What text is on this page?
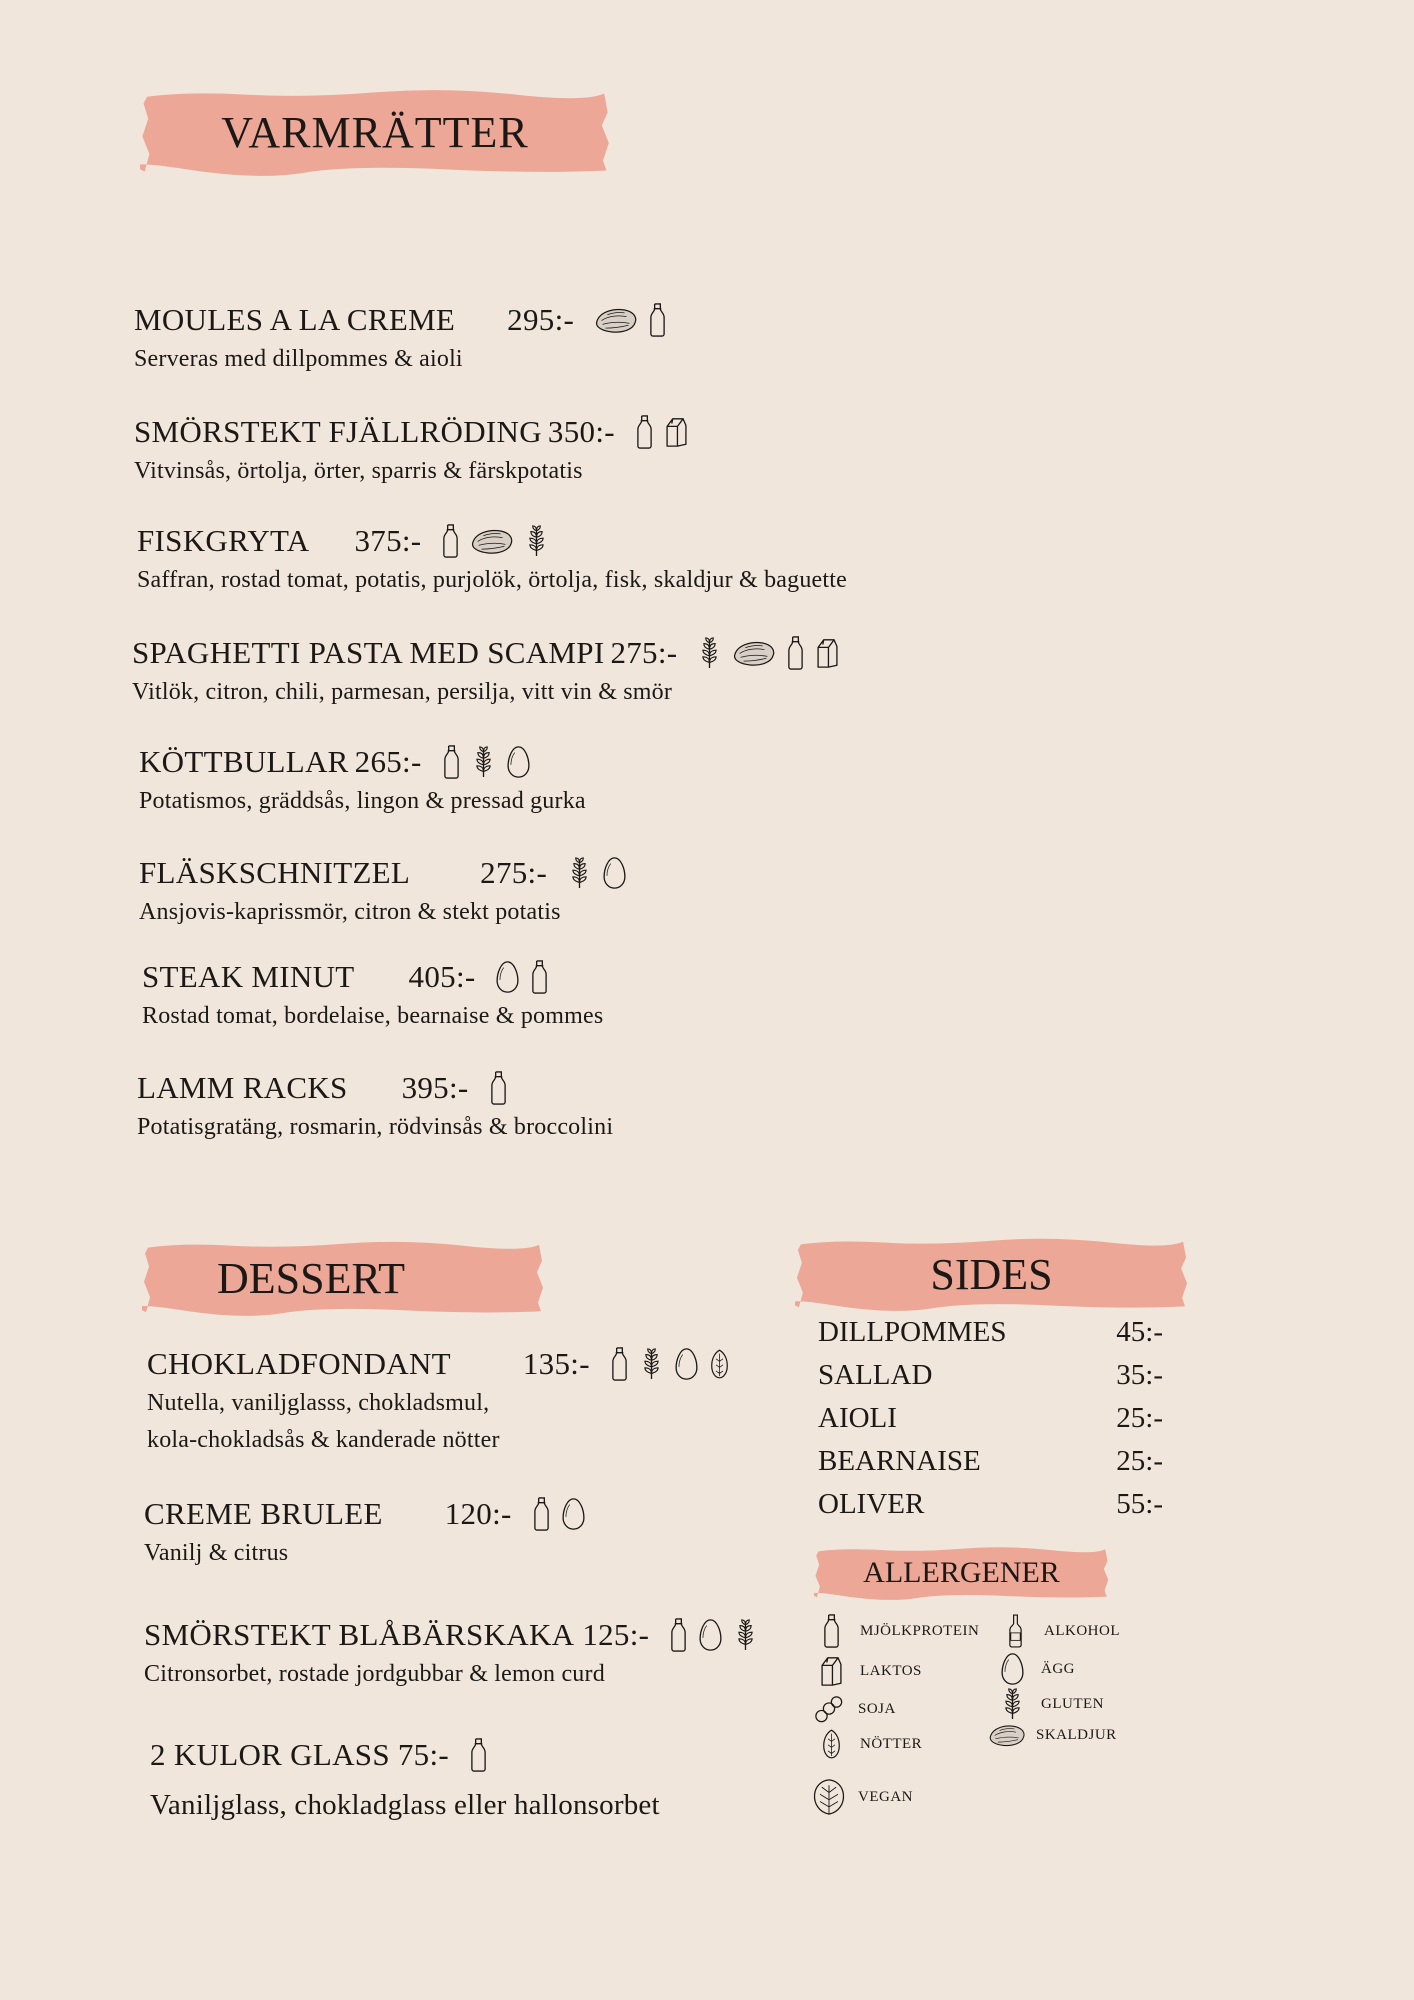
VARMRÄTTER
MOULES A LA CREME 295:-
Serveras med dillpommes & aioli
SMÖRSTEKT FJÄLLRÖDING 350:-
Vitvinsås, örtolja, örter, sparris & färskpotatis
FISKGRYTA 375:-
Saffran, rostad tomat, potatis, purjolök, örtolja, fisk, skaldjur & baguette
SPAGHETTI PASTA MED SCAMPI 275:-
Vitlök, citron, chili, parmesan, persilja, vitt vin & smör
KÖTTBULLAR 265:-
Potatismos, gräddsås, lingon & pressad gurka
FLÄSKSCHNITZEL 275:-
Ansjovis-kaprissmör, citron & stekt potatis
STEAK MINUT 405:-
Rostad tomat, bordelaise, bearnaise & pommes
LAMM RACKS 395:-
Potatisgratäng, rosmarin, rödvinsås & broccolini
DESSERT
CHOKLADFONDANT 135:-
Nutella, vaniljglasss, chokladsmul,
kola-chokladsås & kanderade nötter
CREME BRULEE 120:-
Vanilj & citrus
SMÖRSTEKT BLÅBÄRSKAKA 125:-
Citronsorbet, rostade jordgubbar & lemon curd
2 KULOR GLASS 75:-
Vaniljglass, chokladglass eller hallonsorbet
SIDES
DILLPOMMES	45:-
SALLAD	35:-
AIOLI	25:-
BEARNAISE	25:-
OLIVER	55:-
ALLERGENER
MJÖLKPROTEIN
LAKTOS
SOJA
NÖTTER
VEGAN
ALKOHOL
ÄGG
GLUTEN
SKALDJUR
